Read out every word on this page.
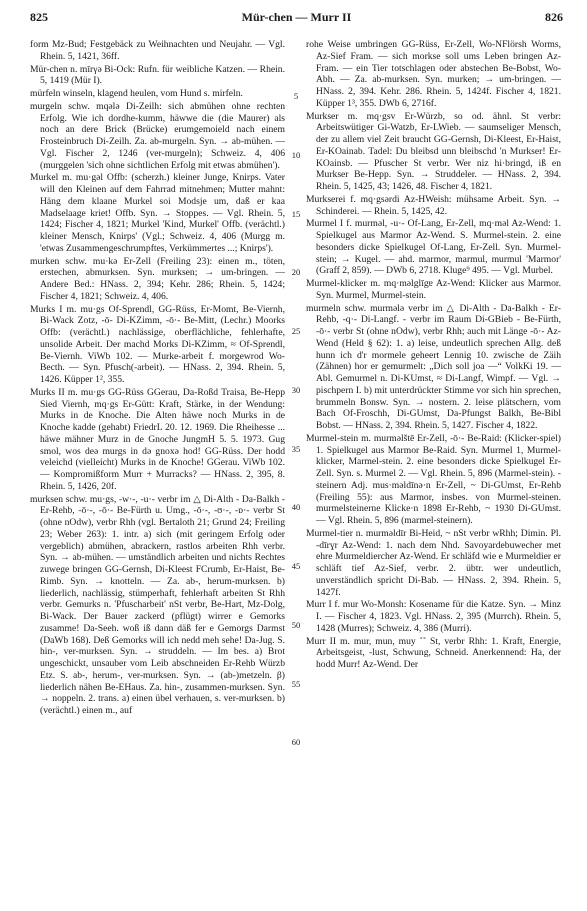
825	Mür-chen — Murr II	826

form Mz-Bud; Festgebäck zu Weihnachten und Neujahr. — Vgl. Rhein. 5, 1421, 36ff.

Mür-chen n. mīrγə Bi-Ock: Rufn. für weibliche Katzen. — Rhein. 5, 1419 (Mür I).

mürfeln winseln, klagend heulen, vom Hund s. mirfeln.

murgeln schw. mqələ Di-Zeilh: sich abmühen ohne rechten Erfolg. Wie ich dordhe-kumm, häwwe die (die Maurer) als noch an dere Brick (Brücke) erumgemoield nach einem Frosteinbruch Di-Zeilh. Za. ab-murgeln. Syn. → ab-mühen. — Vgl. Fischer 2, 1246 (ver-murgeln); Schweiz. 4, 406 (murggelen 'sich ohne sichtlichen Erfolg mit etwas abmühen').

Murkel m. mu·gəl Offb: (scherzh.) kleiner Junge, Knirps. Vater will den Kleinen auf dem Fahrrad mitnehmen; Mutter mahnt: Häng dem klaane Murkel soi Modsje um, daß er kaa Madselaage kriet! Offb. Syn. → Stoppes. — Vgl. Rhein. 5, 1424; Fischer 4, 1821; Murkel 'Kind, Murkel' Offb. (verächtl.) kleiner Mensch, Knirps' (Vgl.; Schweiz. 4, 406 (Murgg m. 'etwas Zusammengeschrumpftes, Verkümmertes ...; Knirps').

murken schw. mu·kə Er-Zell (Freiling 23): einen m., töten, erstechen, abmurksen. Syn. murksen; → um-bringen. — Andere Bed.: HNass. 2, 394; Kehr. 286; Rhein. 5, 1424; Fischer 4, 1821; Schweiz. 4, 406.

Murks I m. mu·gs Of-Sprendl, GG-Rüss, Er-Momt, Be-Viernh, Bi-Wack Zotz, -ō- Di-KZimm, -ō·- Be-Mitt, (Lechr.) Moorks Offb: (verächtl.) nachlässige, oberflächliche, fehlerhafte, unsolide Arbeit. Der machd Morks Di-KZimm, ≈ Of-Sprendl, Be-Viernh. ViWb 102. — Murke-arbeit f. morgewrod Wo-Becth. — Syn. Pfusch(-arbeit). — HNass. 2, 394. Rhein. 5, 1426. Küpper 1², 355.

Murks II m. mu·gs GG-Rüss GGerau, Da-Roßd Traisa, Be-Hepp Sied Viernh, mq·gs Er-Gütt: Kraft, Stärke, in der Wendung: Murks in de Knoche. Die Alten häwe noch Murks in de Knoche kadde (gehabt) FriedrL 20. 12. 1969. Die Rheihesse ... häwe mähner Murz in de Gnoche JungmH 5. 5. 1973. Gug smol, wos deə murgs in də gnoxə hod! GG-Rüss. Der hodd veleichd (vielleicht) Murks in de Knoche! GGerau. ViWb 102. — Kompromißform Murr + Murracks? — HNass. 2, 395, 8. Rhein. 5, 1426, 20f.

murksen schw. mu·gs, -w·-, -u·- verbr im △ Di-Alth - Da-Balkh - Er-Rehb, -ō·-, -ō·- Be-Fürth u. Umg., -ō·-, -ʊ·-, -ɒ·- verbr St (ohne nOdw), verbr Rhh (vgl. Bertaloth 21; Grund 24; Freiling 23; Weber 263): 1. intr. a) sich (mit geringem Erfolg oder vergeblich) abmühen, abrackern, rastlos arbeiten Rhh verbr. Syn. → ab-mühen. — umständlich arbeiten und nichts Rechtes zuwege bringen GG-Gernsh, Di-Kleest FCrumb, Er-Haist, Be-Rimb. Syn. → knotteln. — Za. ab-, herum-murksen. b) liederlich, nachlässig, stümperhaft, fehlerhaft arbeiten St Rhh verbr. Gemurks n. 'Pfuscharbeit' nSt verbr, Be-Hart, Mz-Dolg, Bi-Wack. Der Bauer zackerd (pflügt) wirrer e Gemorks zusamme! Da-Seeh. woß iß dann däß fer e Gemorgs Darmst (DaWb 168). Deß Gemorks will ich nedd meh sehe! Da-Jug. S. hin-, ver-murksen. Syn. → struddeln. — Im bes. a) Brot ungeschickt, unsauber vom Leib abschneiden Er-Rehb Würzb Etz. S. ab-, herum-, ver-murksen. Syn. → (ab-)metzeln. β) liederlich nähen Be-EHaus. Za. hin-, zusammen-murksen. Syn. → noppeln. 2. trans. a) einen übel verhauen, s. ver-murksen. b) (verächtl.) einen m., auf

5
10
15
20
25
30
35
40
45
50
55
60

rohe Weise umbringen GG-Rüss, Er-Zell, Wo-NFlörsh Worms, Az-Sief Fram. — sich morkse soll ums Leben bringen Az-Fram. — ein Tier totschlagen oder abstechen Be-Bobst, Wo-Abh. — Za. ab-murksen. Syn. murken; → um-bringen. — HNass. 2, 394. Kehr. 286. Rhein. 5, 1424f. Fischer 4, 1821. Küpper 1³, 355. DWb 6, 2716f.

Murkser m. mq·gsv Er-Würzb, so od. ähnl. St verbr: Arbeitswütiger Gi-Watzb, Er-LWieb. — saumseliger Mensch, der zu allem viel Zeit braucht GG-Gernsh, Di-Kleest, Er-Haist, Er-KOainab. Tadel: Du bleibsd unn bleibschd 'n Murkser! Er-KOainsb. — Pfuscher St verbr. Wer niz hi·bringd, iß en Murkser Be-Hepp. Syn. → Struddeler. — HNass. 2, 394. Rhein. 5, 1425, 43; 1426, 48. Fischer 4, 1821.

Murkserei f. mq·gsərdi Az-HWeish: mühsame Arbeit. Syn. → Schinderei. — Rhein. 5, 1425, 42.

Murmel I f. murməl, -u·- Of-Lang, Er-Zell, mq·məl Az-Wend: 1. Spielkugel aus Marmor Az-Wend. S. Murmel-stein. 2. eine besonders dicke Spielkugel Of-Lang, Er-Zell. Syn. Murmel-stein; → Kugel. — ahd. marmor, marmul, murmul 'Marmor' (Graff 2, 859). — DWb 6, 2718. Kluge⁹ 495. — Vgl. Murbel.

Murmel-klicker m. mq·məlglīgɐ Az-Wend: Klicker aus Marmor. Syn. Murmel, Murmel-stein.

murmeln schw. murmələ verbr im △ Di-Alth - Da-Balkh - Er-Rehb, -q·- Di-Langf. - verbr im Raum Di-GBieb - Be-Fürth, -ō·- verbr St (ohne nOdw), verbr Rhh; auch mit Länge -ō·- Az-Wend (Held § 62): 1. a) leise, undeutlich sprechen Allg. deß hunn ich d'r mormele geheert Lennig 10. zwische de Zäih (Zähnen) hor er gemurmelt: „Dich soll joa —“ VolkKi 19. — Abl. Gemurmel n. Di-KUmst, ≈ Di-Langf, Wimpf. — Vgl. → pischpern I. b) mit unterdrückter Stimme vor sich hin sprechen, brummeln Bonsw. Syn. → nostern. 2. leise plätschern, vom Bach Of-Froschh, Di-GUmst, Da-Pfungst Balkh, Be-Bibl Bobst. — HNass. 2, 394. Rhein. 5, 1427. Fischer 4, 1822.

Murmel-stein m. murməlštē Er-Zell, -ō·- Be-Raid: (Klicker-spiel) 1. Spielkugel aus Marmor Be-Raid. Syn. Murmel 1, Murmel-klicker, Marmel-stein. 2. eine besonders dicke Spielkugel Er-Zell. Syn. s. Murmel 2. — Vgl. Rhein. 5, 896 (Marmel-stein). -steinern Adj. mus·məldīnə·n Er-Zell, ~ Di-GUmst, Er-Rehb (Freiling 55): aus Marmor, insbes. von Murmel-steinen. murmelsteinerne Klicke·n 1898 Er-Rehb, ~ 1930 Di-GUmst. — Vgl. Rhein. 5, 896 (marmel-steinern).

Murmel-tier n. murməldīr Bi-Heid, ~ nSt verbr wRhh; Dimin. Pl. -dīrɣr Az-Wend: 1. nach dem Nhd. Savoyardebuwecher met ehre Murmeldiercher Az-Wend. Er schläfd wie e Murmeldier er schläft tief Az-Sief, verbr. 2. übtr. wer undeutlich, unverständlich spricht Di-Bab. — HNass. 2, 394. Rhein. 5, 1427f.

Murr I f. mur Wo-Monsh: Kosename für die Katze. Syn. → Minz I. — Fischer 4, 1823. Vgl. HNass. 2, 395 (Murrch). Rhein. 5, 1428 (Murres); Schweiz. 4, 386 (Murri).

Murr II m. mur, mun, muy ˚˚ St, verbr Rhh: 1. Kraft, Energie, Arbeitsgeist, -lust, Schwung, Schneid. Anerkennend: Ha, der hodd Murr! Az-Wend. Der
